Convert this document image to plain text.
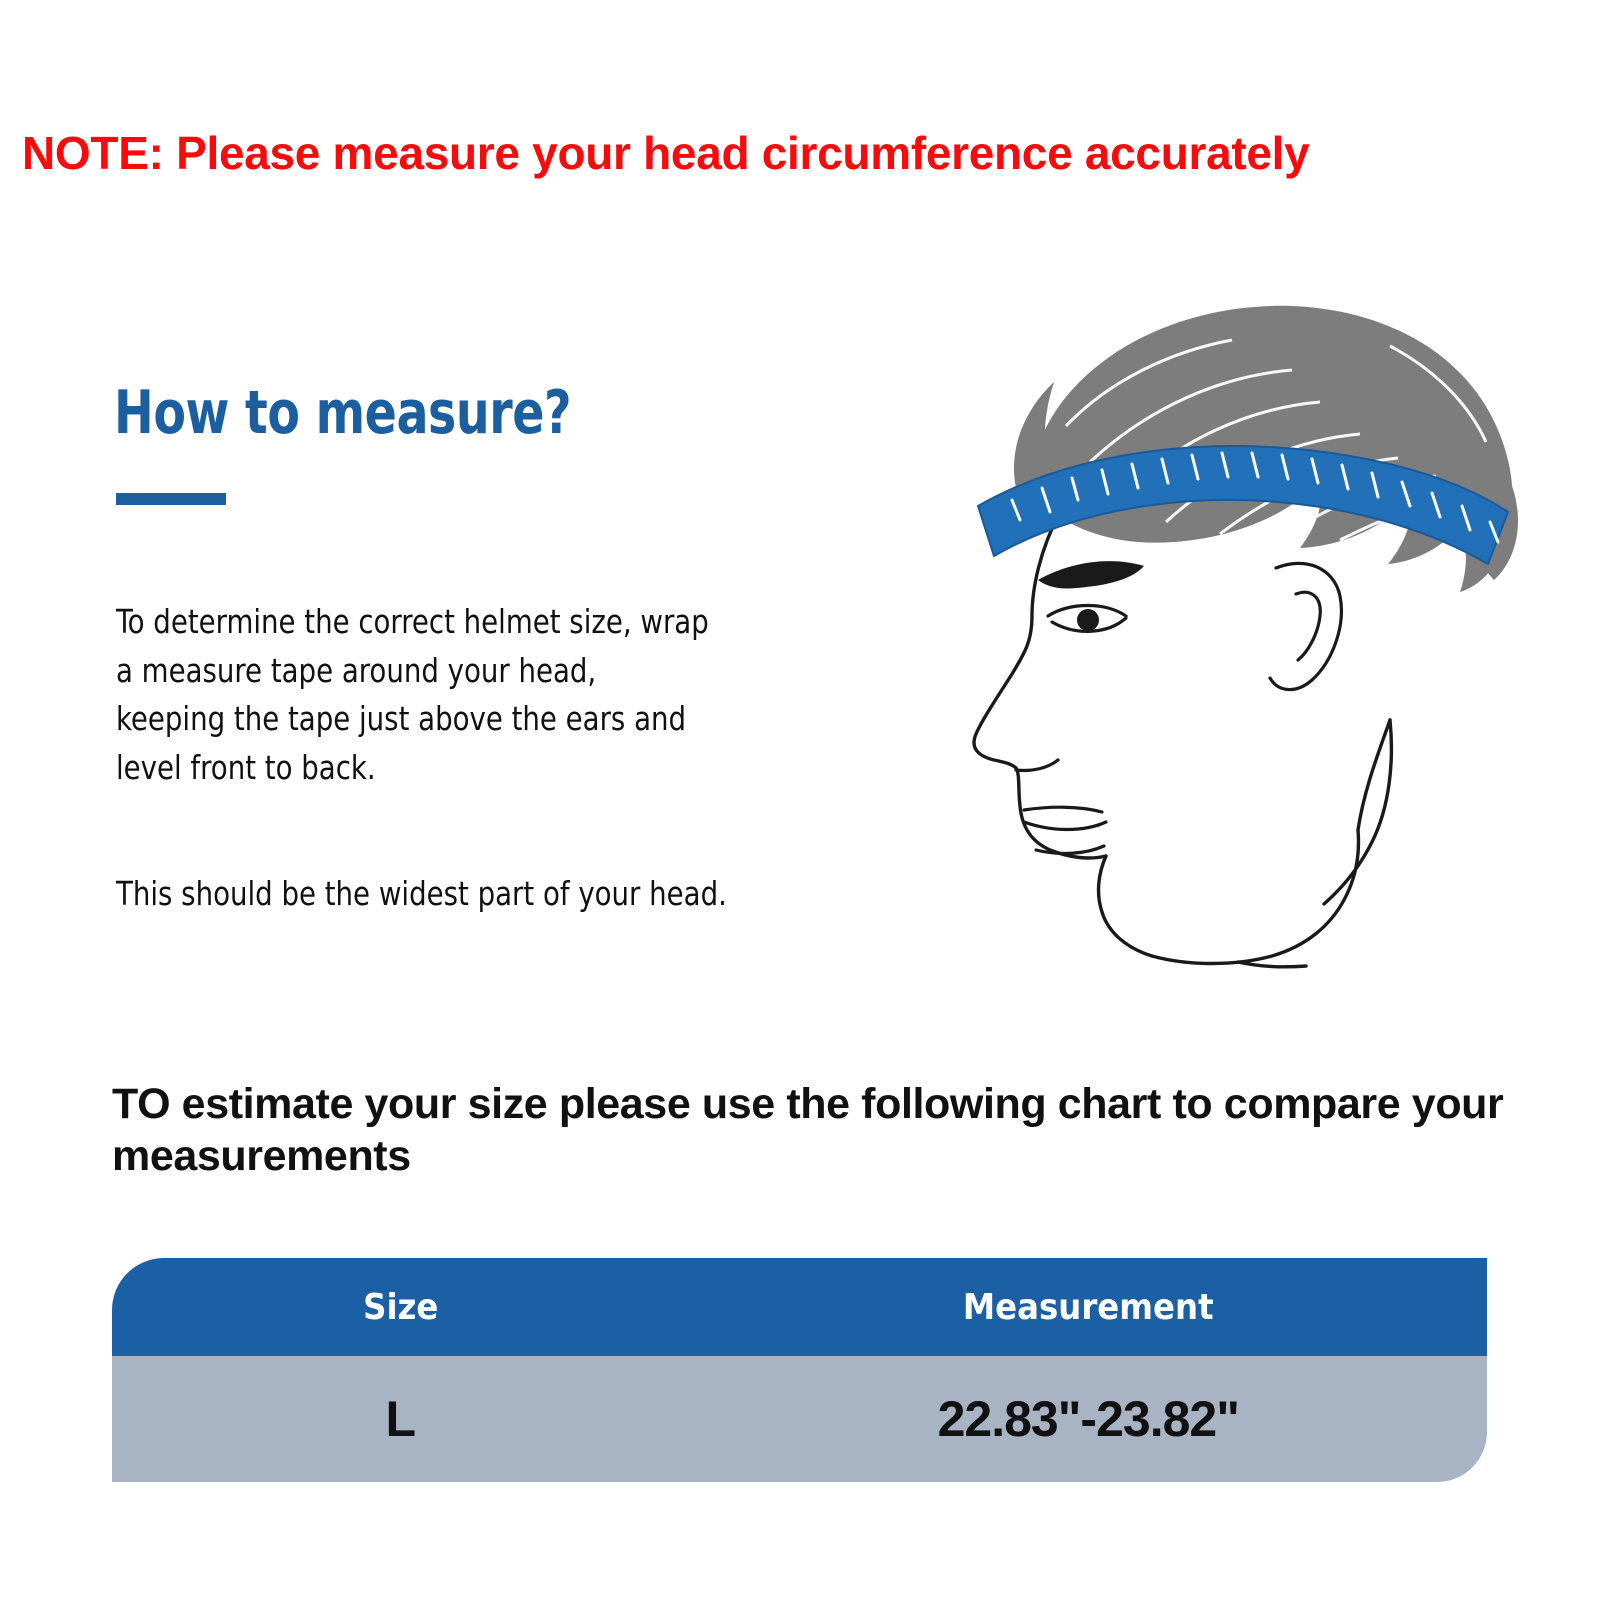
NOTE: Please measure your head circumference accurately
How to measure?
To determine the correct helmet size, wrap
a measure tape around your head,
keeping the tape just above the ears and
level front to back.
This should be the widest part of your head.
TO estimate your size please use the following chart to compare your measurements
Size	Measurement
L	22.83"-23.82"
